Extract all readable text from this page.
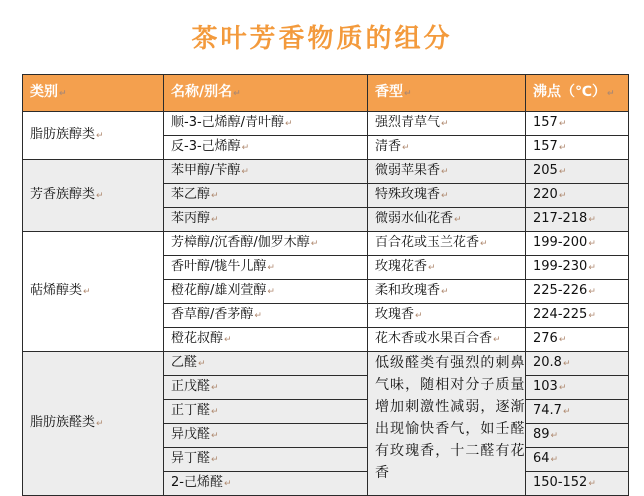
茶叶芳香物质的组分
类别↵	名称/别名↵	香型↵	沸点（℃）↵
脂肪族醇类↵	顺-3-己烯醇/青叶醇↵	强烈青草气↵	157↵
	反-3-己烯醇↵	清香↵	157↵
芳香族醇类↵	苯甲醇/苄醇↵	微弱苹果香↵	205↵
	苯乙醇↵	特殊玫瑰香↵	220↵
	苯丙醇↵	微弱水仙花香↵	217-218↵
萜烯醇类↵	芳樟醇/沉香醇/伽罗木醇↵	百合花或玉兰花香↵	199-200↵
	香叶醇/牻牛儿醇↵	玫瑰花香↵	199-230↵
	橙花醇/雄刈萱醇↵	柔和玫瑰香↵	225-226↵
	香草醇/香茅醇↵	玫瑰香↵	224-225↵
	橙花叔醇↵	花木香或水果百合香↵	276↵
脂肪族醛类↵	乙醛↵	低级醛类有强烈的刺鼻气味，随相对分子质量增加刺激性减弱，逐渐出现愉快香气，如壬醛有玫瑰香，十二醛有花香	20.8↵
	正戊醛↵		103↵
	正丁醛↵		74.7↵
	异戊醛↵		89↵
	异丁醛↵		64↵
	2-己烯醛↵		150-152↵
